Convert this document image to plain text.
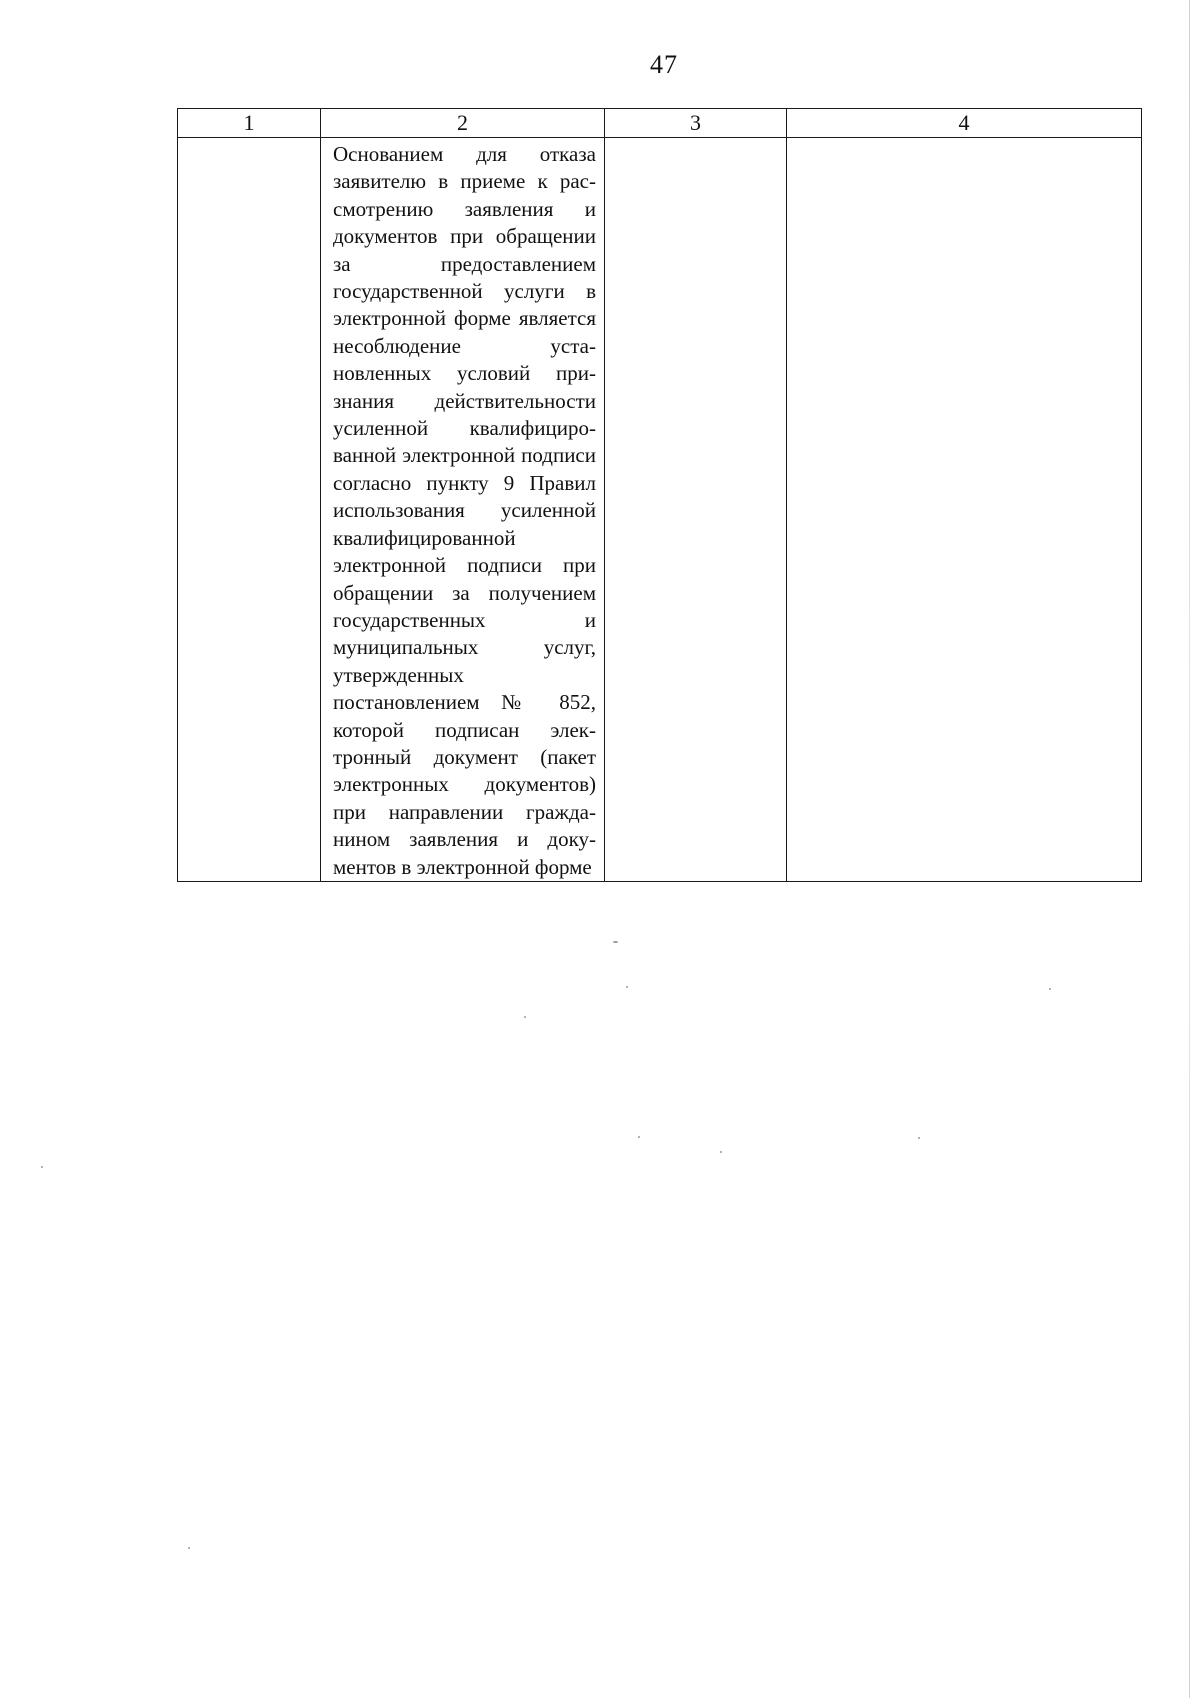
47
1	2	3	4

	Основанием для отказа заявителю в приеме к рассмотрению заявления и документов при обращении за предоставлением государственной услуги в электронной форме является несоблюдение установленных условий признания действительности усиленной квалифицированной электронной подписи согласно пункту 9 Правил использования усиленной квалифицированной электронной подписи при обращении за получением государственных и муниципальных услуг, утвержденных постановлением № 852, которой подписан электронный документ (пакет электронных документов) при направлении гражданином заявления и документов в электронной форме		
